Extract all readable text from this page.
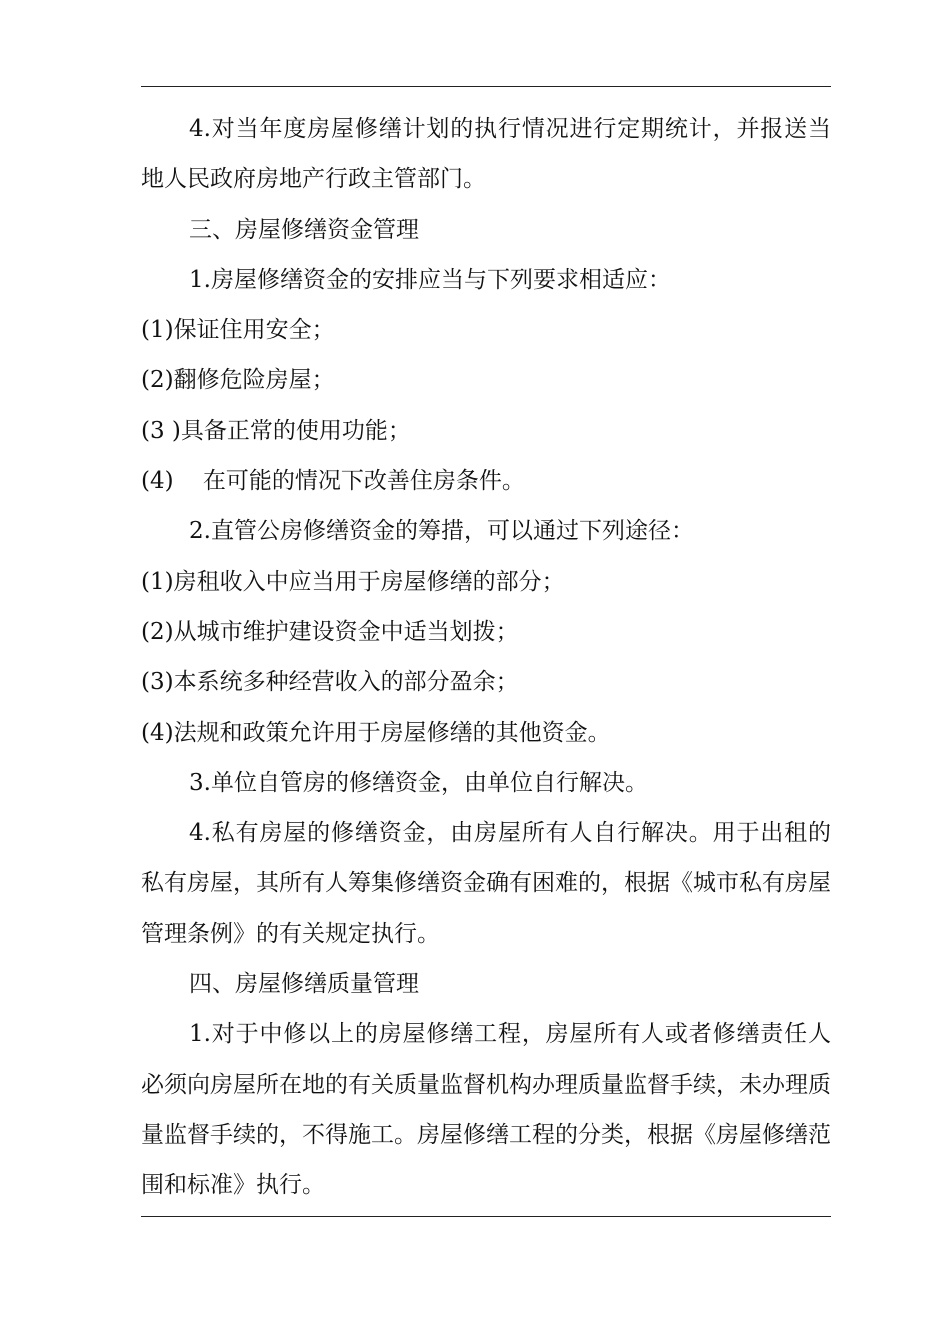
4.对当年度房屋修缮计划的执行情况进行定期统计，并报送当地人民政府房地产行政主管部门。

三、房屋修缮资金管理

1.房屋修缮资金的安排应当与下列要求相适应：

(1)保证住用安全；

(2)翻修危险房屋；

(3 )具备正常的使用功能；

(4)    在可能的情况下改善住房条件。

2.直管公房修缮资金的筹措，可以通过下列途径：

(1)房租收入中应当用于房屋修缮的部分；

(2)从城市维护建设资金中适当划拨；

(3)本系统多种经营收入的部分盈余；

(4)法规和政策允许用于房屋修缮的其他资金。

3.单位自管房的修缮资金，由单位自行解决。

4.私有房屋的修缮资金，由房屋所有人自行解决。用于出租的私有房屋，其所有人筹集修缮资金确有困难的，根据《城市私有房屋管理条例》的有关规定执行。

四、房屋修缮质量管理

1.对于中修以上的房屋修缮工程，房屋所有人或者修缮责任人必须向房屋所在地的有关质量监督机构办理质量监督手续，未办理质量监督手续的，不得施工。房屋修缮工程的分类，根据《房屋修缮范围和标准》执行。
